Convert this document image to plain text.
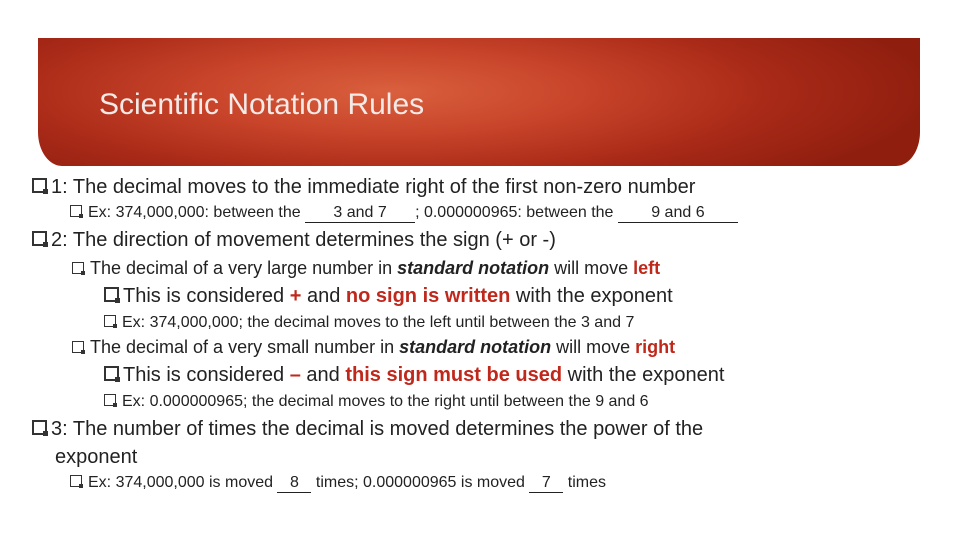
Scientific Notation Rules
1: The decimal moves to the immediate right of the first non-zero number
Ex: 374,000,000: between the 3 and 7 ; 0.000000965: between the 9 and 6
2: The direction of movement determines the sign (+ or -)
The decimal of a very large number in standard notation will move left
This is considered + and no sign is written with the exponent
Ex: 374,000,000; the decimal moves to the left until between the 3 and 7
The decimal of a very small number in standard notation will move right
This is considered – and this sign must be used with the exponent
Ex: 0.000000965; the decimal moves to the right until between the 9 and 6
3: The number of times the decimal is moved determines the power of the
exponent
Ex: 374,000,000 is moved 8 times; 0.000000965 is moved 7 times
